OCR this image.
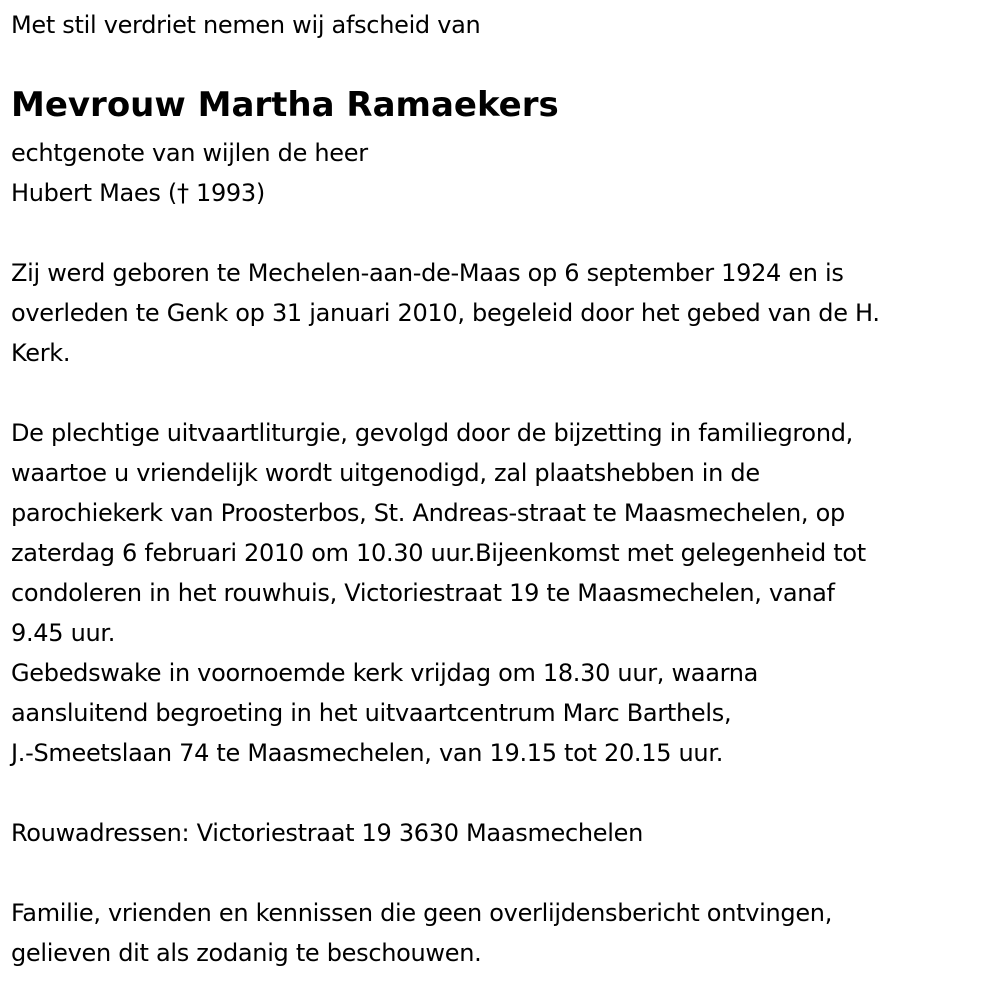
Met stil verdriet nemen wij afscheid van

Mevrouw Martha Ramaekers
echtgenote van wijlen de heer
Hubert Maes († 1993)
Zij werd geboren te Mechelen-aan-de-Maas op 6 september 1924 en is
overleden te Genk op 31 januari 2010, begeleid door het gebed van de H.
Kerk.
De plechtige uitvaartliturgie, gevolgd door de bijzetting in familiegrond,
waartoe u vriendelijk wordt uitgenodigd, zal plaatshebben in de
parochiekerk van Proosterbos, St. Andreas-straat te Maasmechelen, op
zaterdag 6 februari 2010 om 10.30 uur.Bijeenkomst met gelegenheid tot
condoleren in het rouwhuis, Victoriestraat 19 te Maasmechelen, vanaf
9.45 uur.
Gebedswake in voornoemde kerk vrijdag om 18.30 uur, waarna
aansluitend begroeting in het uitvaartcentrum Marc Barthels,
J.-Smeetslaan 74 te Maasmechelen, van 19.15 tot 20.15 uur.
Rouwadressen: Victoriestraat 19 3630 Maasmechelen
Familie, vrienden en kennissen die geen overlijdensbericht ontvingen,
gelieven dit als zodanig te beschouwen.
